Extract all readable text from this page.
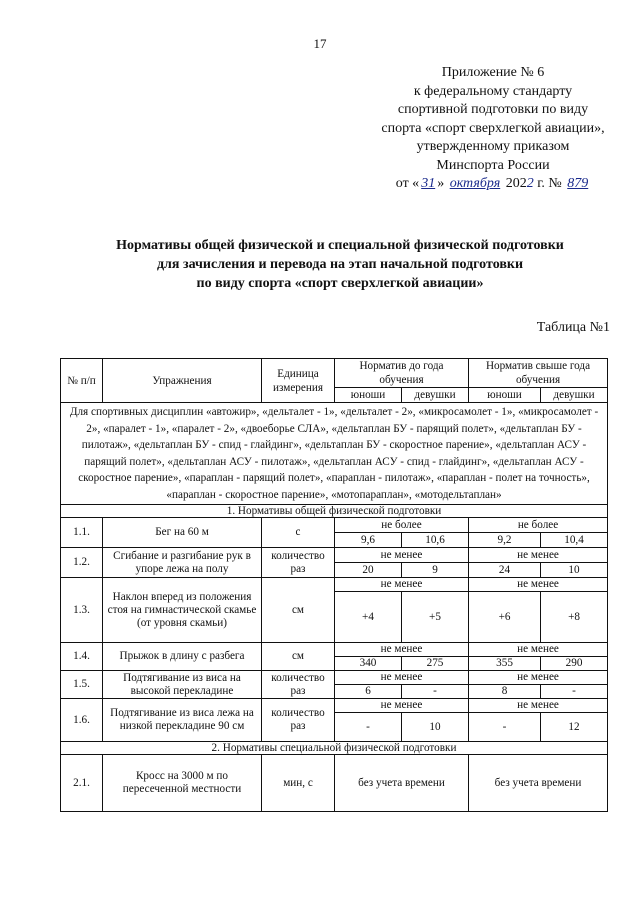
17
Приложение № 6
к федеральному стандарту
спортивной подготовки по виду
спорта «спорт сверхлегкой авиации»,
утвержденному приказом
Минспорта России
от « 31 » октября 2022 г. № 879
Нормативы общей физической и специальной физической подготовки
для зачисления и перевода на этап начальной подготовки
по виду спорта «спорт сверхлегкой авиации»
Таблица №1
№ п/п	Упражнения	Единица измерения	Норматив до года обучения		Норматив свыше года обучения	
			юноши	девушки	юноши	девушки
Для спортивных дисциплин «автожир», «дельталет - 1», «дельталет - 2», «микросамолет - 1», «микросамолет - 2», «паралет - 1», «паралет - 2», «двоеборье СЛА», «дельтаплан БУ - парящий полет», «дельтаплан БУ - пилотаж», «дельтаплан БУ - спид - глайдинг», «дельтаплан БУ - скоростное парение», «дельтаплан АСУ - парящий полет», «дельтаплан АСУ - пилотаж», «дельтаплан АСУ - спид - глайдинг», «дельтаплан АСУ - скоростное парение», «параплан - парящий полет», «параплан - пилотаж», «параплан - полет на точность», «параплан - скоростное парение», «мотопараплан», «мотодельтаплан»						
1. Нормативы общей физической подготовки						
1.1.	Бег на 60 м	с	не более		не более	
			9,6	10,6	9,2	10,4
1.2.	Сгибание и разгибание рук в упоре лежа на полу	количество раз	не менее		не менее	
			20	9	24	10
1.3.	Наклон вперед из положения стоя на гимнастической скамье (от уровня скамьи)	см	не менее		не менее	
			+4	+5	+6	+8
1.4.	Прыжок в длину с разбега	см	не менее		не менее	
			340	275	355	290
1.5.	Подтягивание из виса на высокой перекладине	количество раз	не менее		не менее	
			6	-	8	-
1.6.	Подтягивание из виса лежа на низкой перекладине 90 см	количество раз	не менее		не менее	
			-	10	-	12
2. Нормативы специальной физической подготовки						
2.1.	Кросс на 3000 м по пересеченной местности	мин, с	без учета времени		без учета времени	
